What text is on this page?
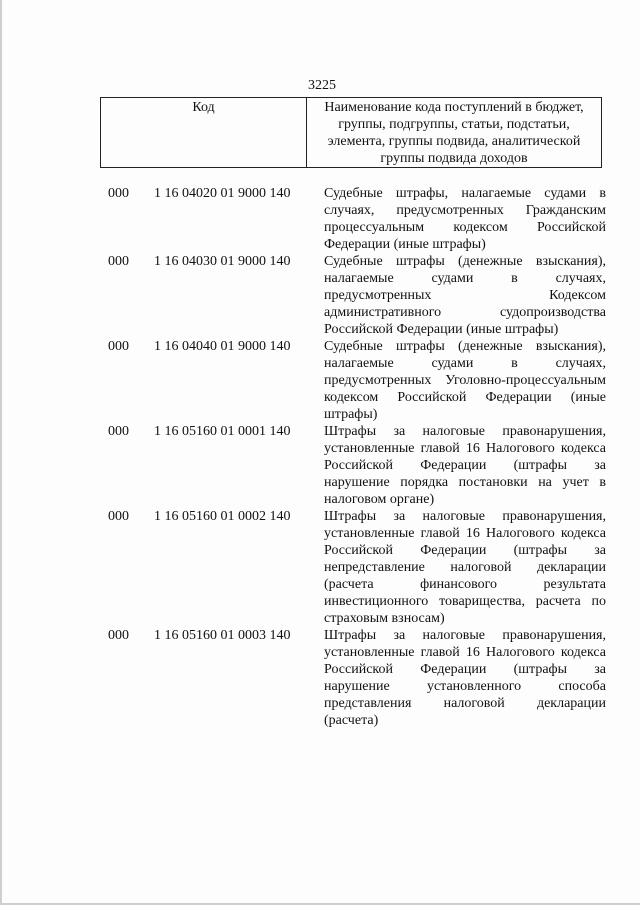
3225
Код	Наименование кода поступлений в бюджет,
группы, подгруппы, статьи, подстатьи,
элемента, группы подвида, аналитической
группы подвида доходов
000	1 16 04020 01 9000 140	Судебные штрафы, налагаемые судами в
случаях, предусмотренных Гражданским
процессуальным кодексом Российской
Федерации (иные штрафы)
000	1 16 04030 01 9000 140	Судебные штрафы (денежные взыскания),
налагаемые судами в случаях,
предусмотренных Кодексом
административного судопроизводства
Российской Федерации (иные штрафы)
000	1 16 04040 01 9000 140	Судебные штрафы (денежные взыскания),
налагаемые судами в случаях,
предусмотренных Уголовно-процессуальным
кодексом Российской Федерации (иные
штрафы)
000	1 16 05160 01 0001 140	Штрафы за налоговые правонарушения,
установленные главой 16 Налогового кодекса
Российской Федерации (штрафы за
нарушение порядка постановки на учет в
налоговом органе)
000	1 16 05160 01 0002 140	Штрафы за налоговые правонарушения,
установленные главой 16 Налогового кодекса
Российской Федерации (штрафы за
непредставление налоговой декларации
(расчета финансового результата
инвестиционного товарищества, расчета по
страховым взносам)
000	1 16 05160 01 0003 140	Штрафы за налоговые правонарушения,
установленные главой 16 Налогового кодекса
Российской Федерации (штрафы за
нарушение установленного способа
представления налоговой декларации
(расчета)
